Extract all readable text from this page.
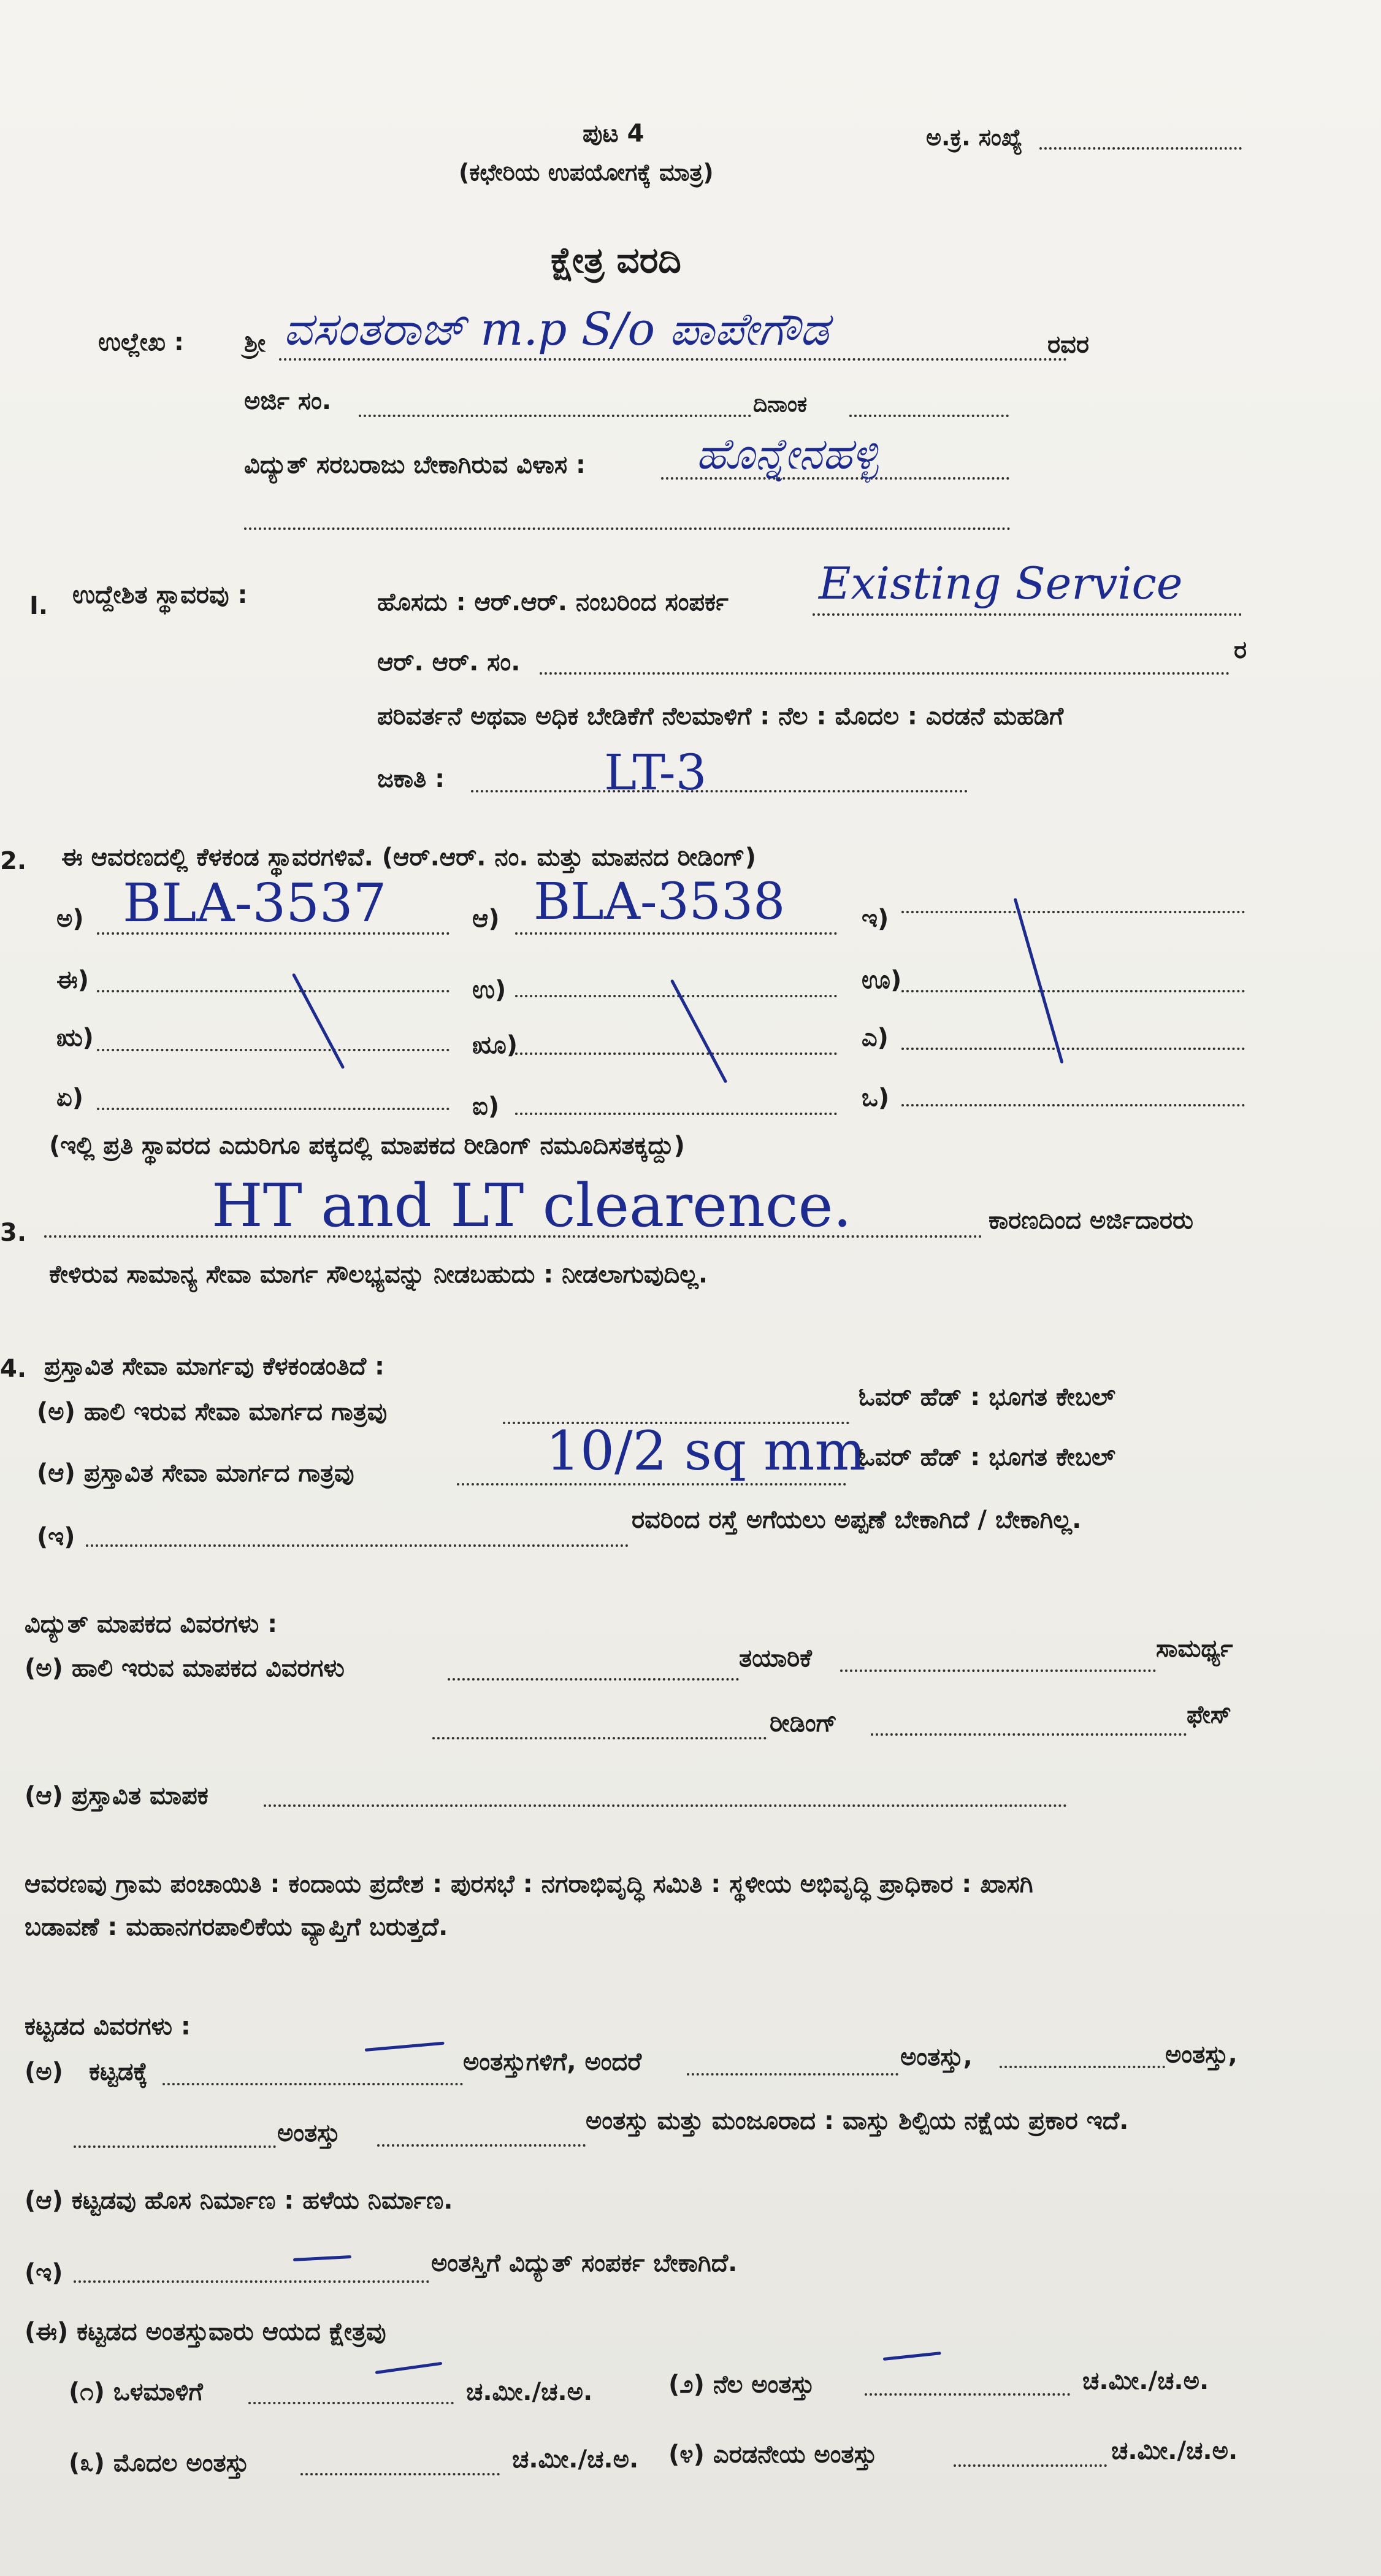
ಪುಟ 4	ಅ.ಕ್ರ. ಸಂಖ್ಯೆ
(ಕಛೇರಿಯ ಉಪಯೋಗಕ್ಕೆ ಮಾತ್ರ)
ಕ್ಷೇತ್ರ ವರದಿ
ಉಲ್ಲೇಖ : ಶ್ರೀ ವಸಂತರಾಜ್ m.p S/o ಪಾಪೇಗೌಡ	ರವರ
ಅರ್ಜಿ ಸಂ.	ದಿನಾಂಕ
ವಿದ್ಯುತ್ ಸರಬರಾಜು ಬೇಕಾಗಿರುವ ವಿಳಾಸ :	ಹೊನ್ನೇನಹಳ್ಳಿ
I. ಉದ್ದೇಶಿತ ಸ್ಥಾವರವು :	ಹೊಸದು : ಆರ್.ಆರ್. ನಂಬರಿಂದ ಸಂಪರ್ಕ Existing Service
ಆರ್. ಆರ್. ಸಂ.	ರ
ಪರಿವರ್ತನೆ ಅಥವಾ ಅಧಿಕ ಬೇಡಿಕೆಗೆ ನೆಲಮಾಳಿಗೆ : ನೆಲ : ಮೊದಲ : ಎರಡನೆ ಮಹಡಿಗೆ
ಜಕಾತಿ :	LT-3
2. ಈ ಆವರಣದಲ್ಲಿ ಕೆಳಕಂಡ ಸ್ಥಾವರಗಳಿವೆ. (ಆರ್.ಆರ್. ನಂ. ಮತ್ತು ಮಾಪನದ ರೀಡಿಂಗ್)
ಅ) BLA-3537	ಆ) BLA-3538	ಇ)
ಈ)	ಉ)	ಊ)
ಋ)	ೠ)	ಎ)
ಏ)	ಐ)	ಒ)
(ಇಲ್ಲಿ ಪ್ರತಿ ಸ್ಥಾವರದ ಎದುರಿಗೂ ಪಕ್ಕದಲ್ಲಿ ಮಾಪಕದ ರೀಡಿಂಗ್ ನಮೂದಿಸತಕ್ಕದ್ದು)
3.	HT and LT clearence.	ಕಾರಣದಿಂದ ಅರ್ಜಿದಾರರು
ಕೇಳಿರುವ ಸಾಮಾನ್ಯ ಸೇವಾ ಮಾರ್ಗ ಸೌಲಭ್ಯವನ್ನು ನೀಡಬಹುದು : ನೀಡಲಾಗುವುದಿಲ್ಲ.
4. ಪ್ರಸ್ತಾವಿತ ಸೇವಾ ಮಾರ್ಗವು ಕೆಳಕಂಡಂತಿದೆ :
(ಅ) ಹಾಲಿ ಇರುವ ಸೇವಾ ಮಾರ್ಗದ ಗಾತ್ರವು
ಓವರ್ ಹೆಡ್ : ಭೂಗತ ಕೇಬಲ್
(ಆ) ಪ್ರಸ್ತಾವಿತ ಸೇವಾ ಮಾರ್ಗದ ಗಾತ್ರವು	10/2 sq mm
ಓವರ್ ಹೆಡ್ : ಭೂಗತ ಕೇಬಲ್
(ಇ)
ರವರಿಂದ ರಸ್ತೆ ಅಗೆಯಲು ಅಪ್ಪಣೆ ಬೇಕಾಗಿದೆ / ಬೇಕಾಗಿಲ್ಲ.
ವಿದ್ಯುತ್ ಮಾಪಕದ ವಿವರಗಳು :
(ಅ) ಹಾಲಿ ಇರುವ ಮಾಪಕದ ವಿವರಗಳು	ತಯಾರಿಕೆ	ಸಾಮರ್ಥ್ಯ
ರೀಡಿಂಗ್	ಫೇಸ್
(ಆ) ಪ್ರಸ್ತಾವಿತ ಮಾಪಕ
ಆವರಣವು ಗ್ರಾಮ ಪಂಚಾಯಿತಿ : ಕಂದಾಯ ಪ್ರದೇಶ : ಪುರಸಭೆ : ನಗರಾಭಿವೃದ್ಧಿ ಸಮಿತಿ : ಸ್ಥಳೀಯ ಅಭಿವೃದ್ಧಿ ಪ್ರಾಧಿಕಾರ : ಖಾಸಗಿ
ಬಡಾವಣೆ : ಮಹಾನಗರಪಾಲಿಕೆಯ ವ್ಯಾಪ್ತಿಗೆ ಬರುತ್ತದೆ.
ಕಟ್ಟಡದ ವಿವರಗಳು :
(ಅ) ಕಟ್ಟಡಕ್ಕೆ	ಅಂತಸ್ತುಗಳಿಗೆ, ಅಂದರೆ	ಅಂತಸ್ತು,	ಅಂತಸ್ತು,
ಅಂತಸ್ತು	ಅಂತಸ್ತು ಮತ್ತು ಮಂಜೂರಾದ : ವಾಸ್ತು ಶಿಲ್ಪಿಯ ನಕ್ಷೆಯ ಪ್ರಕಾರ ಇದೆ.
(ಆ) ಕಟ್ಟಡವು ಹೊಸ ನಿರ್ಮಾಣ : ಹಳೆಯ ನಿರ್ಮಾಣ.
(ಇ)	ಅಂತಸ್ತಿಗೆ ವಿದ್ಯುತ್ ಸಂಪರ್ಕ ಬೇಕಾಗಿದೆ.
(ಈ) ಕಟ್ಟಡದ ಅಂತಸ್ತುವಾರು ಆಯದ ಕ್ಷೇತ್ರವು
(೧) ಒಳಮಾಳಿಗೆ	ಚ.ಮೀ./ಚ.ಅ.	(೨) ನೆಲ ಅಂತಸ್ತು	ಚ.ಮೀ./ಚ.ಅ.
(೩) ಮೊದಲ ಅಂತಸ್ತು	ಚ.ಮೀ./ಚ.ಅ. (೪) ಎರಡನೇಯ ಅಂತಸ್ತು	ಚ.ಮೀ./ಚ.ಅ.
